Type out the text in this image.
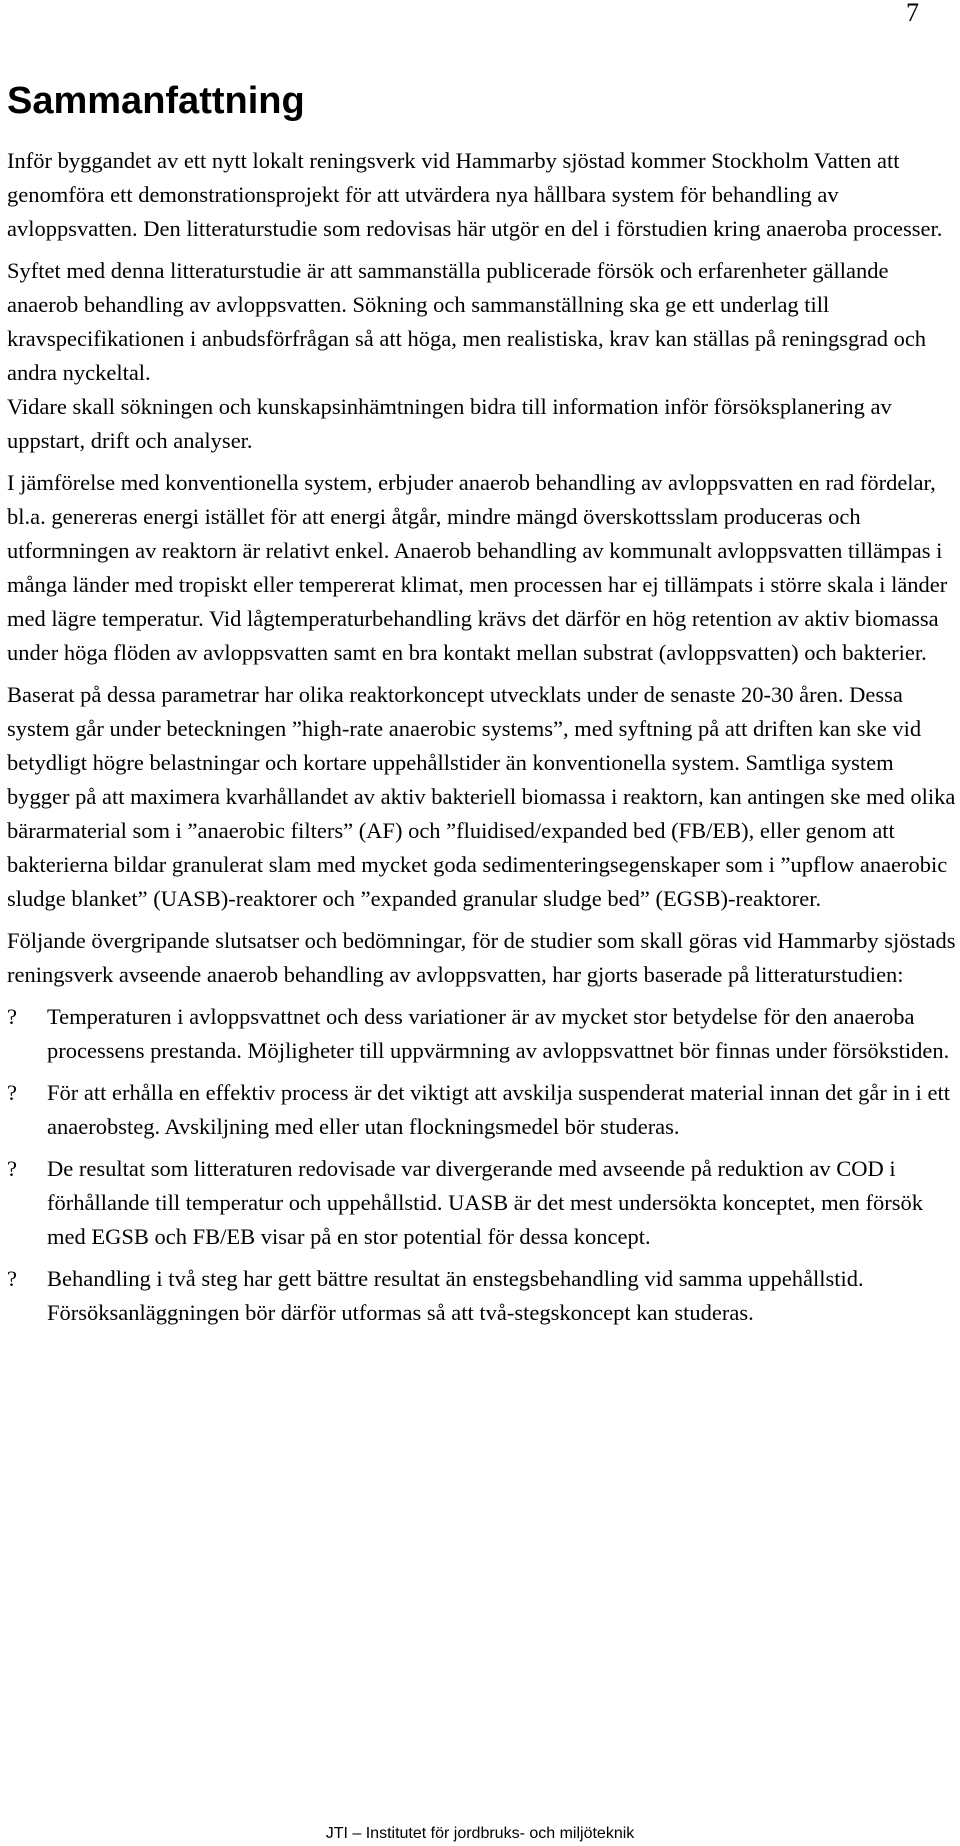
7
Sammanfattning

Inför byggandet av ett nytt lokalt reningsverk vid Hammarby sjöstad kommer Stockholm Vatten att genomföra ett demonstrationsprojekt för att utvärdera nya hållbara system för behandling av avloppsvatten. Den litteraturstudie som redovisas här utgör en del i förstudien kring anaeroba processer.

Syftet med denna litteraturstudie är att sammanställa publicerade försök och erfarenheter gällande anaerob behandling av avloppsvatten. Sökning och sammanställning ska ge ett underlag till kravspecifikationen i anbudsförfrågan så att höga, men realistiska, krav kan ställas på reningsgrad och andra nyckeltal.

Vidare skall sökningen och kunskapsinhämtningen bidra till information inför försöksplanering av uppstart, drift och analyser.

I jämförelse med konventionella system, erbjuder anaerob behandling av avloppsvatten en rad fördelar, bl.a. genereras energi istället för att energi åtgår, mindre mängd överskottsslam produceras och utformningen av reaktorn är relativt enkel. Anaerob behandling av kommunalt avloppsvatten tillämpas i många länder med tropiskt eller tempererat klimat, men processen har ej tillämpats i större skala i länder med lägre temperatur. Vid lågtemperaturbehandling krävs det därför en hög retention av aktiv biomassa under höga flöden av avloppsvatten samt en bra kontakt mellan substrat (avloppsvatten) och bakterier.

Baserat på dessa parametrar har olika reaktorkoncept utvecklats under de senaste 20-30 åren. Dessa system går under beteckningen ”high-rate anaerobic systems”, med syftning på att driften kan ske vid betydligt högre belastningar och kortare uppehållstider än konventionella system. Samtliga system bygger på att maximera kvarhållandet av aktiv bakteriell biomassa i reaktorn, kan antingen ske med olika bärarmaterial som i ”anaerobic filters” (AF) och ”fluidised/expanded bed (FB/EB), eller genom att bakterierna bildar granulerat slam med mycket goda sedimenteringsegenskaper som i ”upflow anaerobic sludge blanket” (UASB)-reaktorer och ”expanded granular sludge bed” (EGSB)-reaktorer.

Följande övergripande slutsatser och bedömningar, för de studier som skall göras vid Hammarby sjöstads reningsverk avseende anaerob behandling av avloppsvatten, har gjorts baserade på litteraturstudien:

? Temperaturen i avloppsvattnet och dess variationer är av mycket stor betydelse för den anaeroba processens prestanda. Möjligheter till uppvärmning av avloppsvattnet bör finnas under försökstiden.
? För att erhålla en effektiv process är det viktigt att avskilja suspenderat material innan det går in i ett anaerobsteg. Avskiljning med eller utan flockningsmedel bör studeras.
? De resultat som litteraturen redovisade var divergerande med avseende på reduktion av COD i förhållande till temperatur och uppehållstid. UASB är det mest undersökta konceptet, men försök med EGSB och FB/EB visar på en stor potential för dessa koncept.
? Behandling i två steg har gett bättre resultat än enstegsbehandling vid samma uppehållstid. Försöksanläggningen bör därför utformas så att två-stegskoncept kan studeras.
JTI – Institutet för jordbruks- och miljöteknik
